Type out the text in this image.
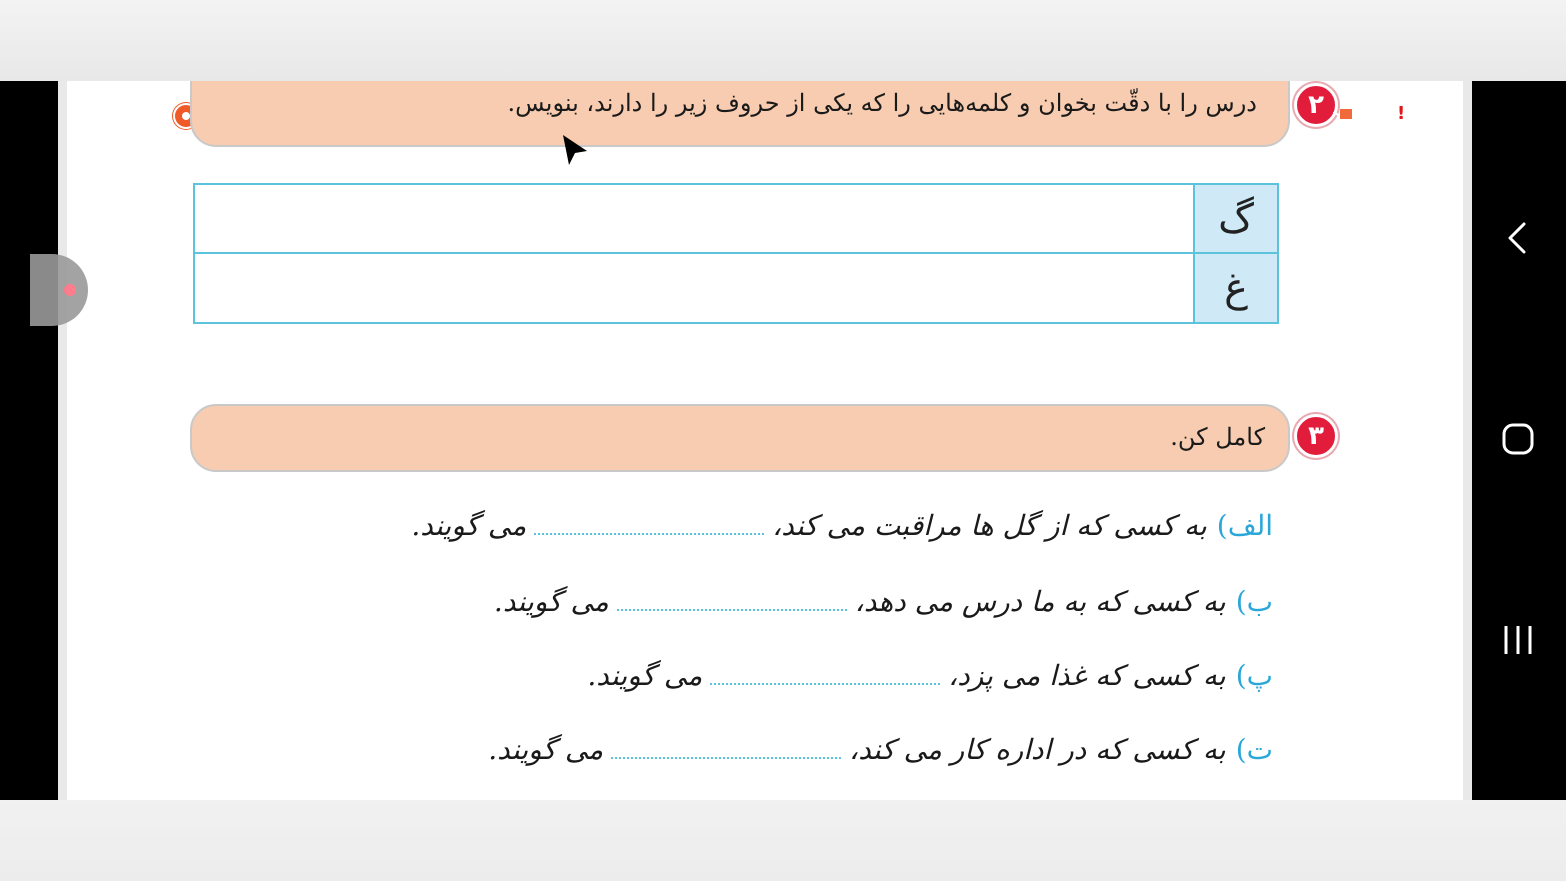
درس را با دقّت بخوان و کلمه‌هایی را که یکی از حروف زیر را دارند، بنویس.	۲	!
گ
غ
کامل کن.	۳
الف)
به کسی که از گل ها مراقبت می کند،
می گویند.
ب)
به کسی که به ما درس می دهد،
می گویند.
پ)
به کسی که غذا می پزد،
می گویند.
ت)
به کسی که در اداره کار می کند،
می گویند.
